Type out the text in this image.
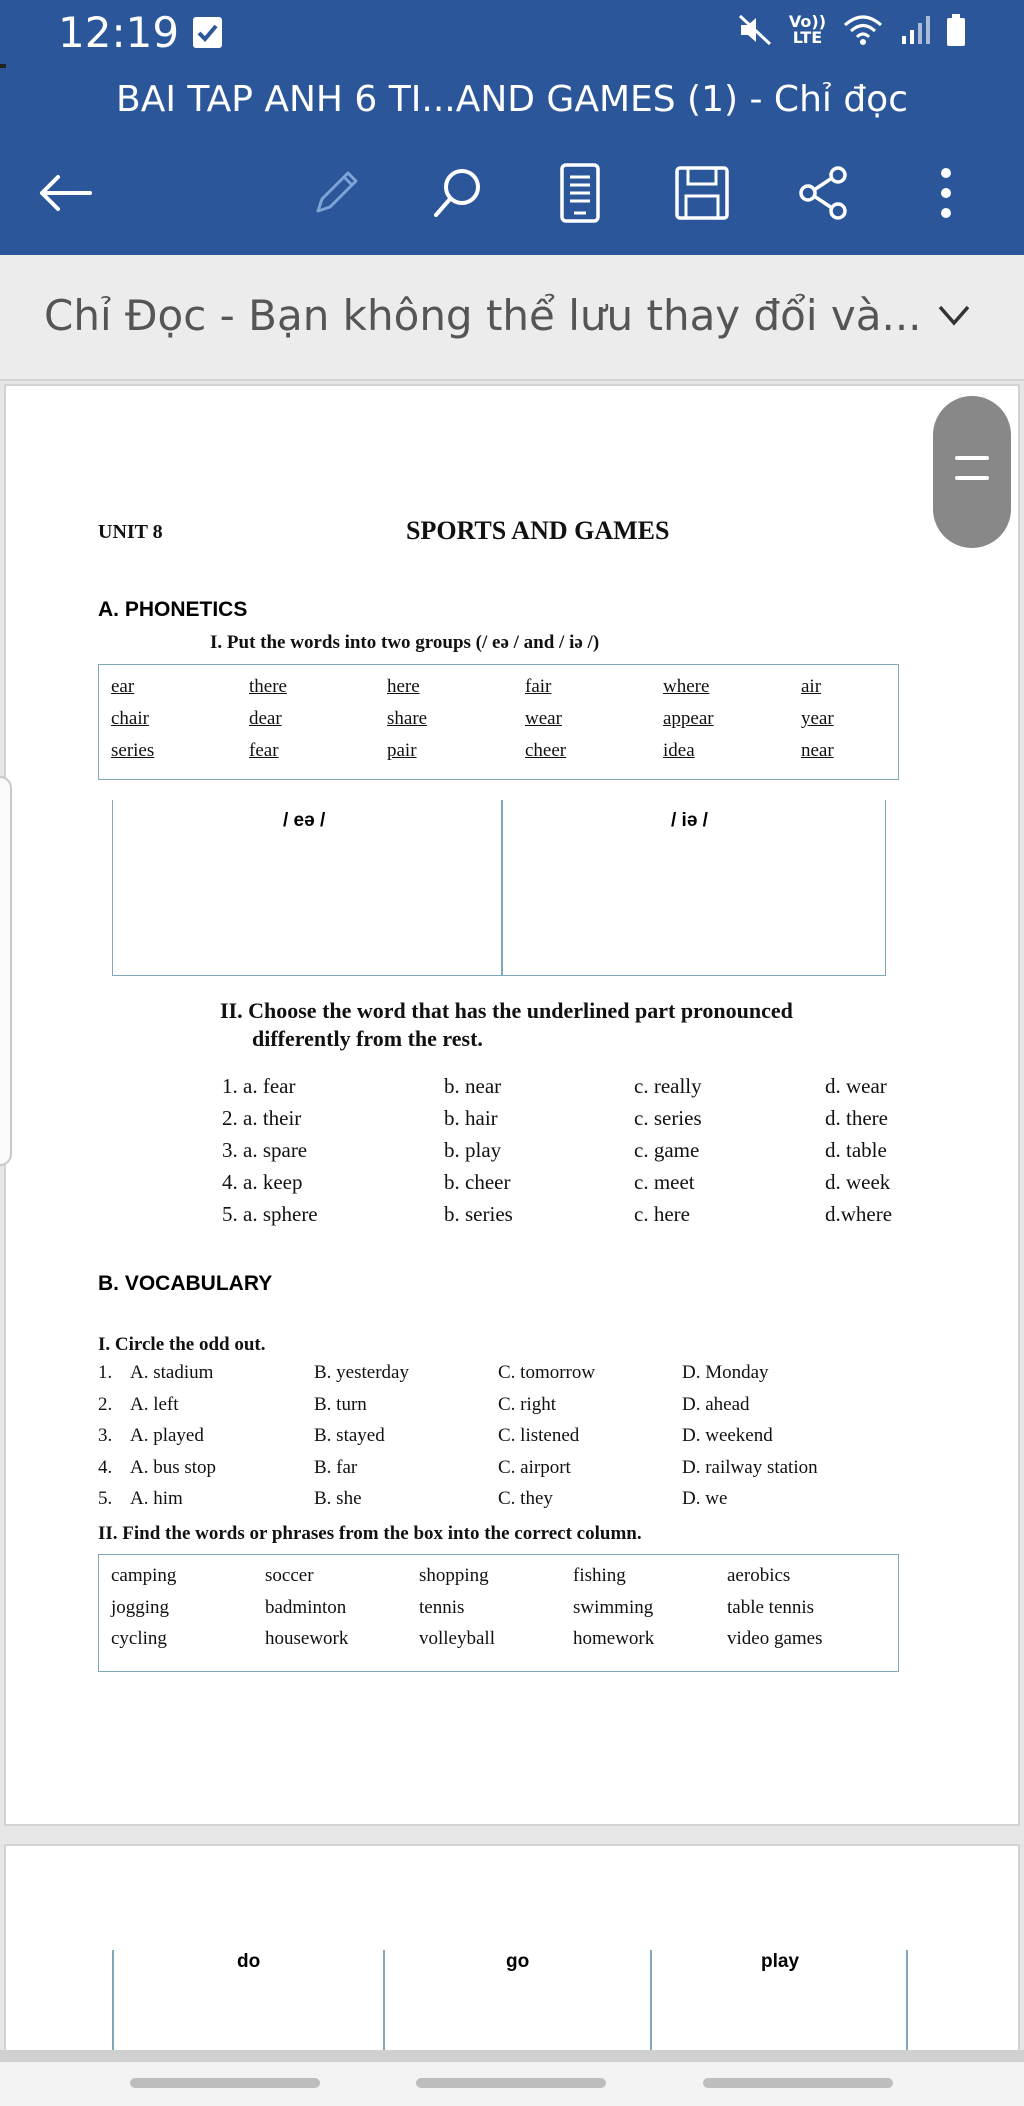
12:19	Vo))
LTE
BAI TAP ANH 6 TI...AND GAMES (1) - Chỉ đọc
Chỉ Đọc - Bạn không thể lưu thay đổi và...
UNIT 8	SPORTS AND GAMES
A. PHONETICS
I. Put the words into two groups (/ eə / and / iə /)
ear	there	here	fair	where	air
chair	dear	share	wear	appear	year
series	fear	pair	cheer	idea	near
/ eə /	/ iə /
II. Choose the word that has the underlined part pronounced
differently from the rest.
1. a. fear	b. near	c. really	d. wear
2. a. their	b. hair	c. series	d. there
3. a. spare	b. play	c. game	d. table
4. a. keep	b. cheer	c. meet	d. week
5. a. sphere	b. series	c. here	d.where
B. VOCABULARY
I. Circle the odd out.
1. A. stadium	B. yesterday	C. tomorrow	D. Monday
2. A. left	B. turn	C. right	D. ahead
3. A. played	B. stayed	C. listened	D. weekend
4. A. bus stop	B. far	C. airport	D. railway station
5. A. him	B. she	C. they	D. we
II. Find the words or phrases from the box into the correct column.
camping	soccer	shopping	fishing	aerobics
jogging	badminton	tennis	swimming	table tennis
cycling	housework	volleyball	homework	video games
do	go	play
